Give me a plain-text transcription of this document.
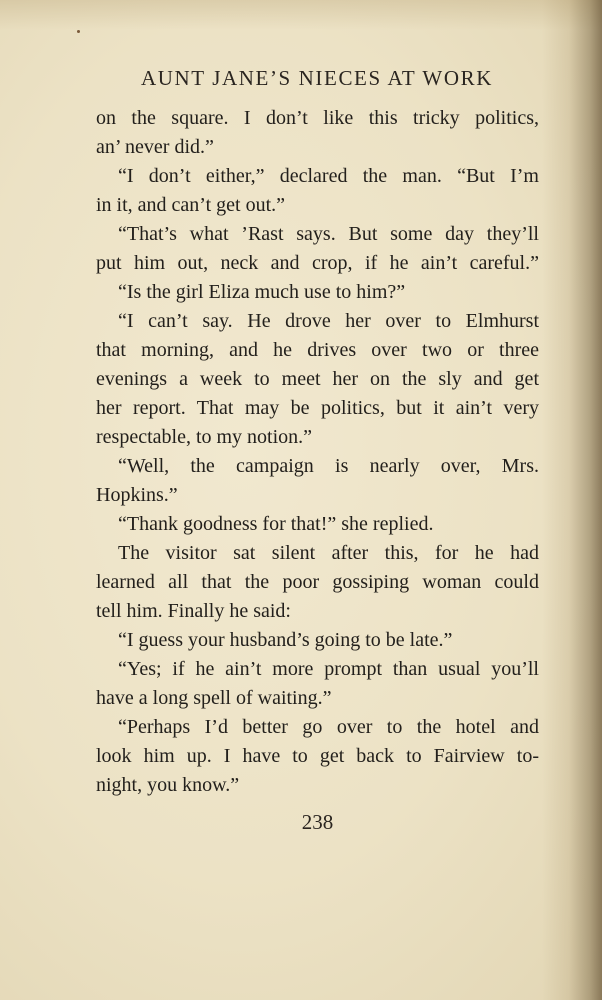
AUNT JANE’S NIECES AT WORK
on the square. I don’t like this tricky politics,
an’ never did.”
“I don’t either,” declared the man. “But I’m
in it, and can’t get out.”
“That’s what ’Rast says. But some day they’ll
put him out, neck and crop, if he ain’t careful.”
“Is the girl Eliza much use to him?”
“I can’t say. He drove her over to Elmhurst
that morning, and he drives over two or three
evenings a week to meet her on the sly and get
her report. That may be politics, but it ain’t very
respectable, to my notion.”
“Well, the campaign is nearly over, Mrs.
Hopkins.”
“Thank goodness for that!” she replied.
The visitor sat silent after this, for he had
learned all that the poor gossiping woman could
tell him. Finally he said:
“I guess your husband’s going to be late.”
“Yes; if he ain’t more prompt than usual you’ll
have a long spell of waiting.”
“Perhaps I’d better go over to the hotel and
look him up. I have to get back to Fairview to-
night, you know.”
238
